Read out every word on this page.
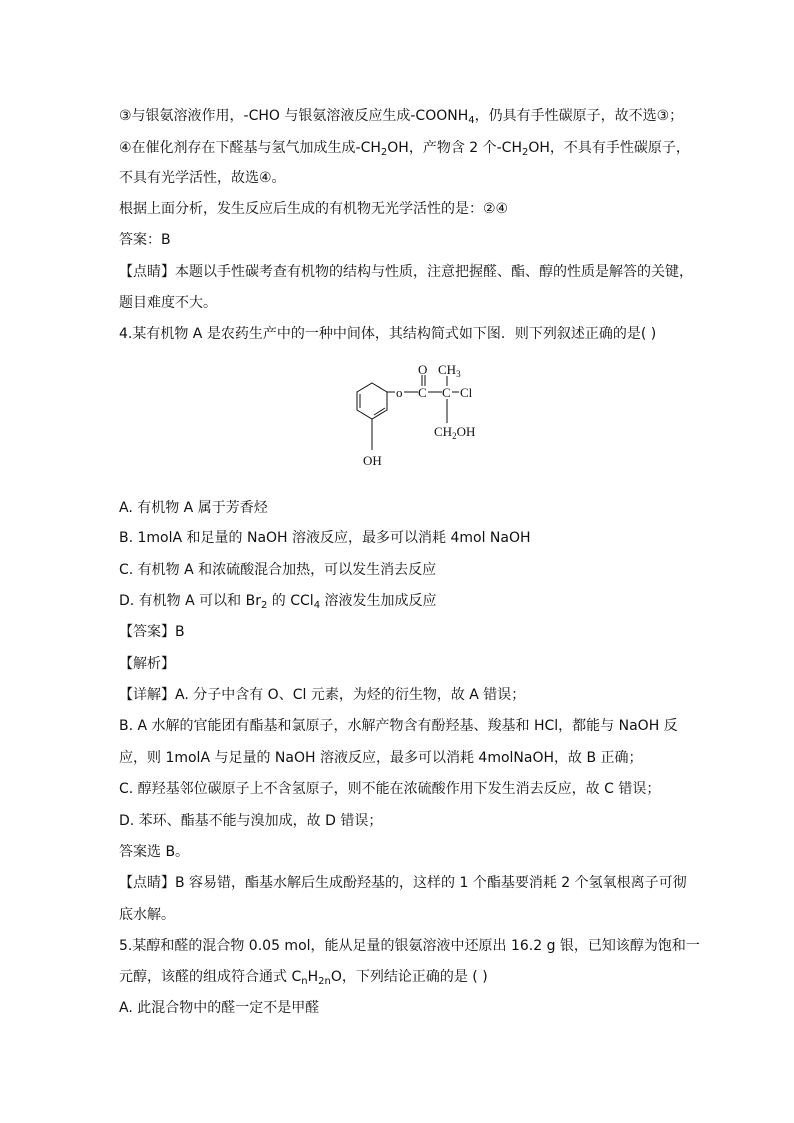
③与银氨溶液作用，-CHO 与银氨溶液反应生成$-COONH_4$，仍具有手性碳原子，故不选③；
④在催化剂存在下醛基与氢气加成生成$-CH_2OH$，产物含 2 个$-CH_2OH$，不具有手性碳原子，
不具有光学活性，故选④。
根据上面分析，发生反应后生成的有机物无光学活性的是：②④
答案：B
【点睛】本题以手性碳考查有机物的结构与性质，注意把握醛、酯、醇的性质是解答的关键，
题目难度不大。
4.某有机物 A 是农药生产中的一种中间体，其结构简式如下图．则下列叙述正确的是( )
o C
O
C
$CH_3$
Cl
$CH_2OH$
OH
A. 有机物 A 属于芳香烃
B. 1molA 和足量的 NaOH 溶液反应，最多可以消耗 4mol NaOH
C. 有机物 A 和浓硫酸混合加热，可以发生消去反应
D. 有机物 A 可以和 $Br_2$ 的 CCl$_4$ 溶液发生加成反应
【答案】B
【解析】
【详解】A. 分子中含有 O、Cl 元素，为烃的衍生物，故 A 错误；
B. A 水解的官能团有酯基和氯原子，水解产物含有酚羟基、羧基和 HCl，都能与 NaOH 反
应，则 1molA 与足量的 NaOH 溶液反应，最多可以消耗 4molNaOH，故 B 正确；
C. 醇羟基邻位碳原子上不含氢原子，则不能在浓硫酸作用下发生消去反应，故 C 错误；
D. 苯环、酯基不能与溴加成，故 D 错误；
答案选 B。
【点睛】B 容易错，酯基水解后生成酚羟基的，这样的 1 个酯基要消耗 2 个氢氧根离子可彻
底水解。
5.某醇和醛的混合物 0.05 mol，能从足量的银氨溶液中还原出 16.2 g 银，已知该醇为饱和一
元醇，该醛的组成符合通式 $C_nH_{2n}O$，下列结论正确的是 ( )
A. 此混合物中的醛一定不是甲醛
